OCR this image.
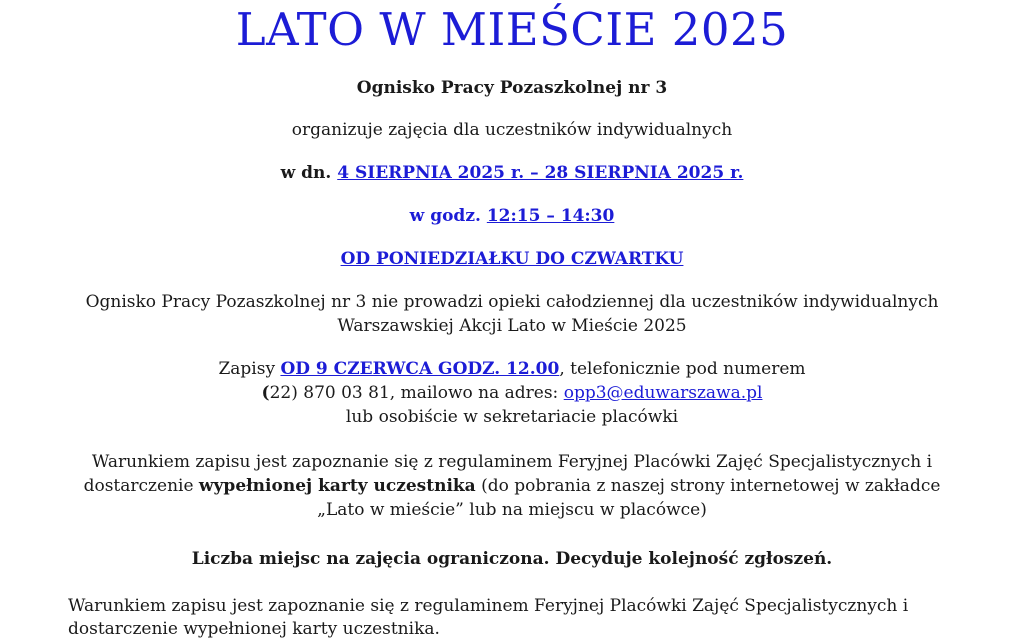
LATO W MIEŚCIE 2025
Ognisko Pracy Pozaszkolnej nr 3
organizuje zajęcia dla uczestników indywidualnych
w dn. 4 SIERPNIA 2025 r. – 28 SIERPNIA 2025 r.
w godz. 12:15 – 14:30
OD PONIEDZIAŁKU DO CZWARTKU
Ognisko Pracy Pozaszkolnej nr 3 nie prowadzi opieki całodziennej dla uczestników indywidualnych
Warszawskiej Akcji Lato w Mieście 2025
Zapisy OD 9 CZERWCA GODZ. 12.00, telefonicznie pod numerem
(22) 870 03 81, mailowo na adres: opp3@eduwarszawa.pl
lub osobiście w sekretariacie placówki
Warunkiem zapisu jest zapoznanie się z regulaminem Feryjnej Placówki Zajęć Specjalistycznych i
dostarczenie wypełnionej karty uczestnika (do pobrania z naszej strony internetowej w zakładce
„Lato w mieście” lub na miejscu w placówce)
Liczba miejsc na zajęcia ograniczona. Decyduje kolejność zgłoszeń.
Warunkiem zapisu jest zapoznanie się z regulaminem Feryjnej Placówki Zajęć Specjalistycznych i
dostarczenie wypełnionej karty uczestnika.
